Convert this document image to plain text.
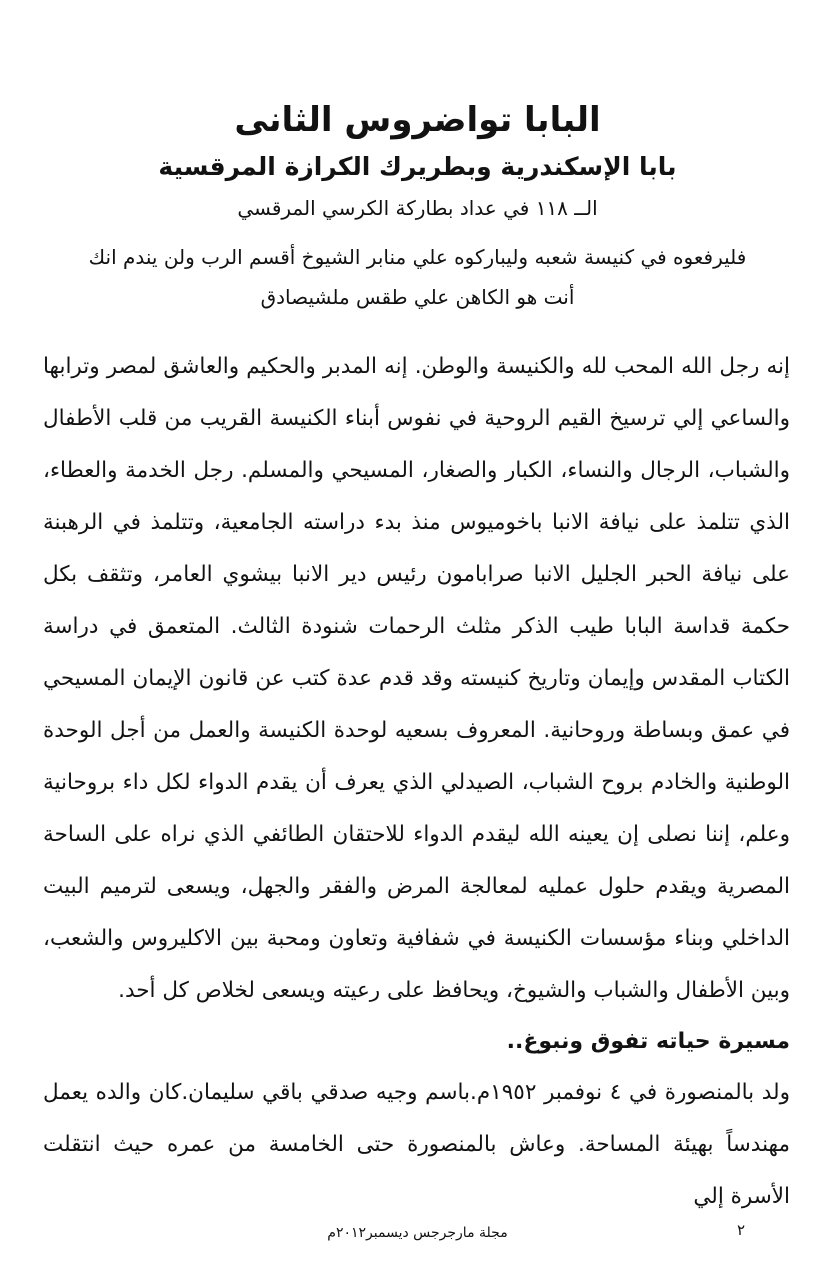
البابا تواضروس الثانى
بابا الإسكندرية وبطريرك الكرازة المرقسية
الــ ١١٨ في عداد بطاركة الكرسي المرقسي
فليرفعوه في كنيسة شعبه وليباركوه علي منابر الشيوخ أقسم الرب ولن يندم انك
أنت هو الكاهن علي طقس ملشيصادق
إنه رجل الله المحب لله والكنيسة والوطن. إنه المدبر والحكيم والعاشق لمصر وترابها والساعي إلي ترسيخ القيم الروحية في نفوس أبناء الكنيسة القريب من قلب الأطفال والشباب، الرجال والنساء، الكبار والصغار، المسيحي والمسلم. رجل الخدمة والعطاء، الذي تتلمذ على نيافة الانبا باخوميوس منذ بدء دراسته الجامعية، وتتلمذ في الرهبنة على نيافة الحبر الجليل الانبا صرابامون رئيس دير الانبا بيشوي العامر، وتثقف بكل حكمة قداسة البابا طيب الذكر مثلث الرحمات شنودة الثالث. المتعمق في دراسة الكتاب المقدس وإيمان وتاريخ كنيسته وقد قدم عدة كتب عن قانون الإيمان المسيحي في عمق وبساطة وروحانية. المعروف بسعيه لوحدة الكنيسة والعمل من أجل الوحدة الوطنية والخادم بروح الشباب، الصيدلي الذي يعرف أن يقدم الدواء لكل داء بروحانية وعلم، إننا نصلى إن يعينه الله ليقدم الدواء للاحتقان الطائفي الذي نراه على الساحة المصرية ويقدم حلول عمليه لمعالجة المرض والفقر والجهل، ويسعى لترميم البيت الداخلي وبناء مؤسسات الكنيسة في شفافية وتعاون ومحبة بين الاكليروس والشعب، وبين الأطفال والشباب والشيوخ، ويحافظ على رعيته ويسعى لخلاص كل أحد.
مسيرة حياته تفوق ونبوغ..
ولد بالمنصورة في ٤ نوفمبر ١٩٥٢م.باسم وجيه صدقي باقي سليمان.كان والده يعمل مهندساً بهيئة المساحة. وعاش بالمنصورة حتى الخامسة من عمره حيث انتقلت الأسرة إلي
مجلة مارجرجس ديسمبر٢٠١٢م	٢
